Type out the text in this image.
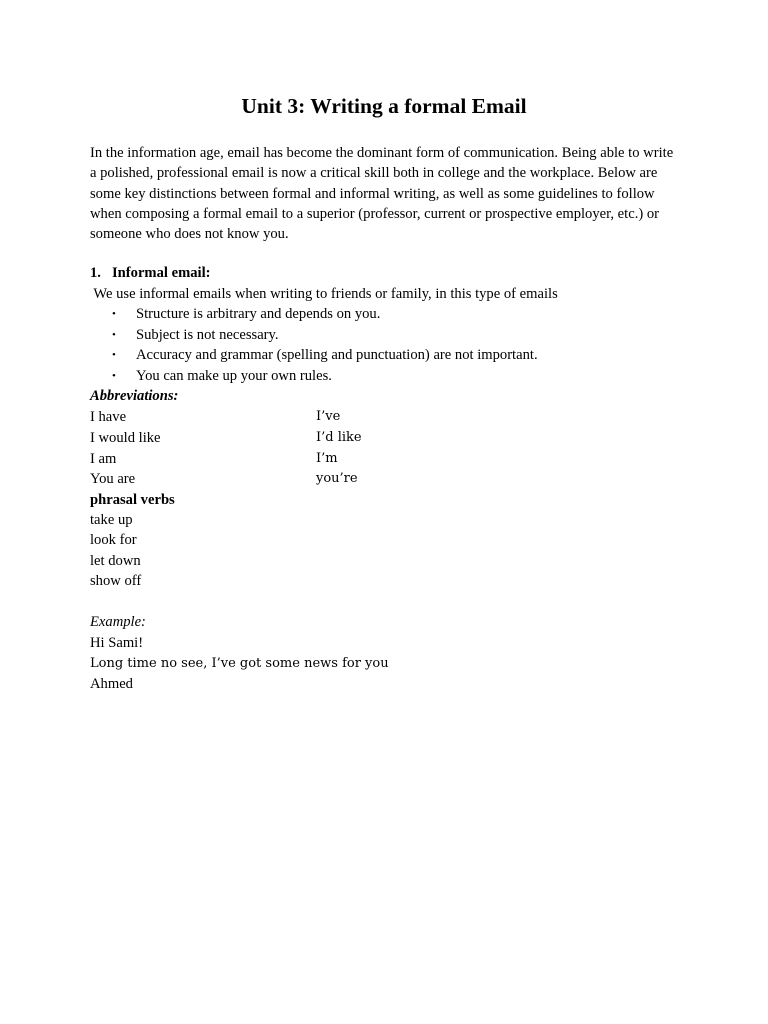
Unit 3: Writing a formal Email

In the information age, email has become the dominant form of communication. Being able to write a polished, professional email is now a critical skill both in college and the workplace. Below are some key distinctions between formal and informal writing, as well as some guidelines to follow when composing a formal email to a superior (professor, current or prospective employer, etc.) or someone who does not know you.

1. Informal email:
We use informal emails when writing to friends or family, in this type of emails
• Structure is arbitrary and depends on you.
• Subject is not necessary.
• Accuracy and grammar (spelling and punctuation) are not important.
• You can make up your own rules.
Abbreviations:
I have	I’ve
I would like	I’d like
I am	I’m
You are	you’re
phrasal verbs
take up
look for
let down
show off
Example:
Hi Sami!
Long time no see, I’ve got some news for you
Ahmed
